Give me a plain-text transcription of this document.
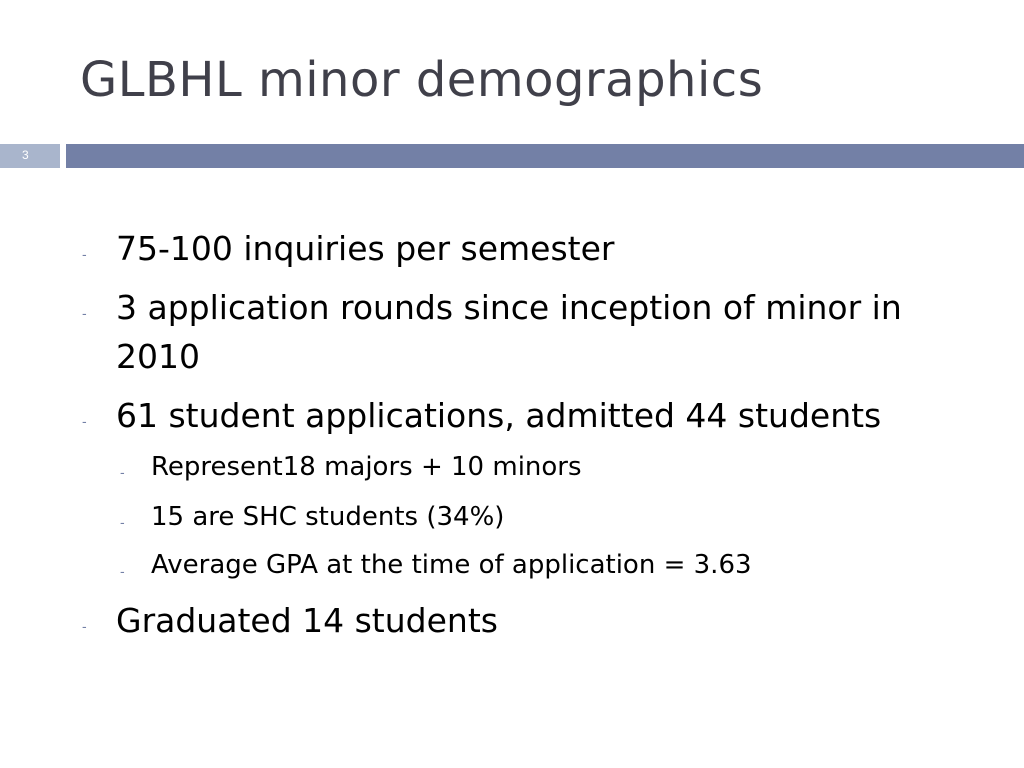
GLBHL minor demographics
3
- 75-100 inquiries per semester
- 3 application rounds since inception of minor in
2010
- 61 student applications, admitted 44 students
- Represent18 majors + 10 minors
- 15 are SHC students (34%)
- Average GPA at the time of application = 3.63
- Graduated 14 students
